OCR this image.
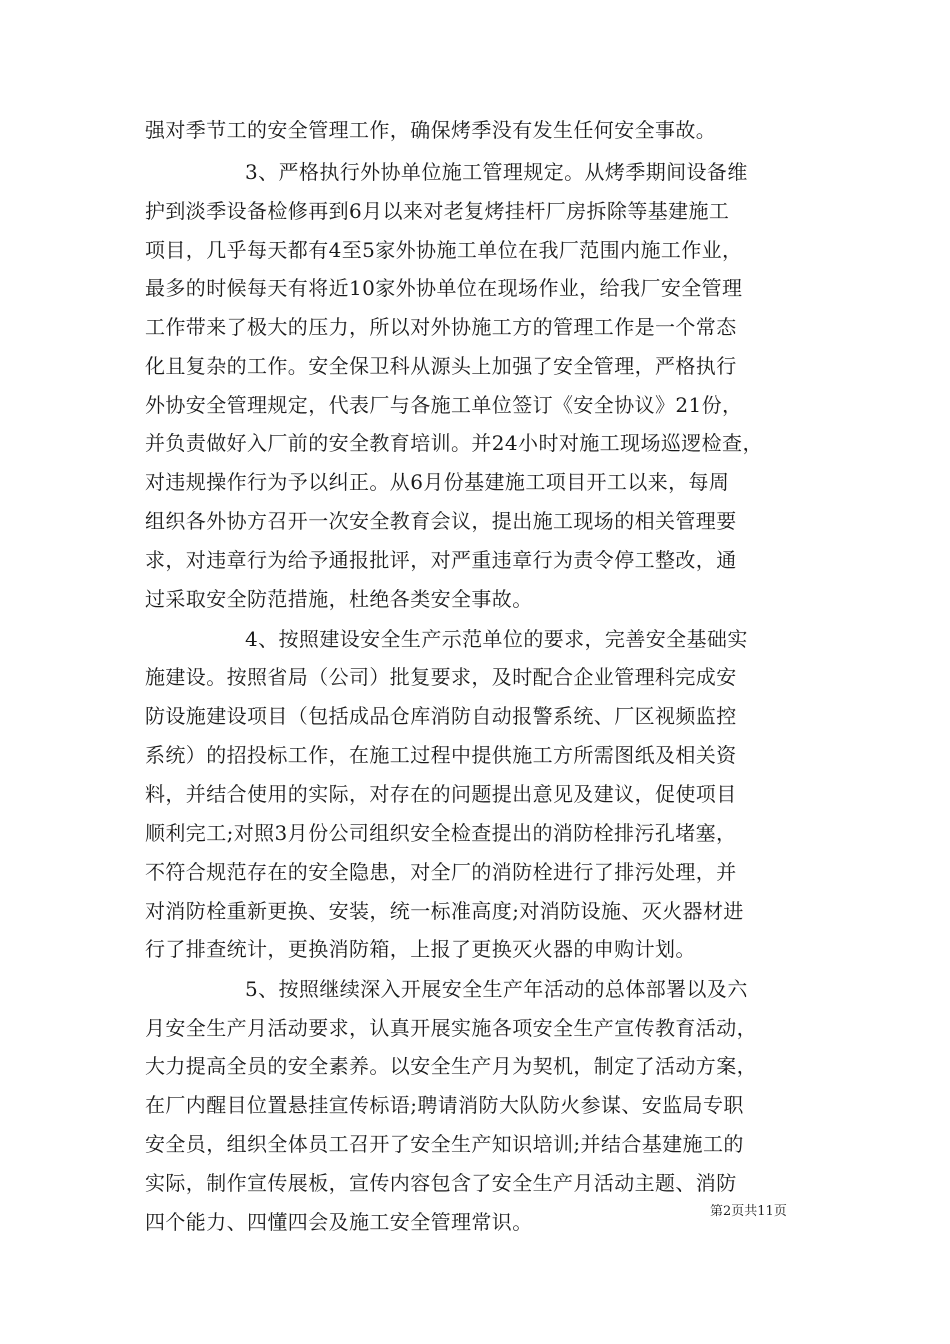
强对季节工的安全管理工作，确保烤季没有发生任何安全事故。
3、严格执行外协单位施工管理规定。从烤季期间设备维
护到淡季设备检修再到6月以来对老复烤挂杆厂房拆除等基建施工
项目，几乎每天都有4至5家外协施工单位在我厂范围内施工作业，
最多的时候每天有将近10家外协单位在现场作业，给我厂安全管理
工作带来了极大的压力，所以对外协施工方的管理工作是一个常态
化且复杂的工作。安全保卫科从源头上加强了安全管理，严格执行
外协安全管理规定，代表厂与各施工单位签订《安全协议》21份，
并负责做好入厂前的安全教育培训。并24小时对施工现场巡逻检查，
对违规操作行为予以纠正。从6月份基建施工项目开工以来，每周
组织各外协方召开一次安全教育会议，提出施工现场的相关管理要
求，对违章行为给予通报批评，对严重违章行为责令停工整改，通
过采取安全防范措施，杜绝各类安全事故。
4、按照建设安全生产示范单位的要求，完善安全基础实
施建设。按照省局（公司）批复要求，及时配合企业管理科完成安
防设施建设项目（包括成品仓库消防自动报警系统、厂区视频监控
系统）的招投标工作，在施工过程中提供施工方所需图纸及相关资
料，并结合使用的实际，对存在的问题提出意见及建议，促使项目
顺利完工;对照3月份公司组织安全检查提出的消防栓排污孔堵塞，
不符合规范存在的安全隐患，对全厂的消防栓进行了排污处理，并
对消防栓重新更换、安装，统一标准高度;对消防设施、灭火器材进
行了排查统计，更换消防箱，上报了更换灭火器的申购计划。
5、按照继续深入开展安全生产年活动的总体部署以及六
月安全生产月活动要求，认真开展实施各项安全生产宣传教育活动，
大力提高全员的安全素养。以安全生产月为契机，制定了活动方案，
在厂内醒目位置悬挂宣传标语;聘请消防大队防火参谋、安监局专职
安全员，组织全体员工召开了安全生产知识培训;并结合基建施工的
实际，制作宣传展板，宣传内容包含了安全生产月活动主题、消防
四个能力、四懂四会及施工安全管理常识。	第2页共11页
